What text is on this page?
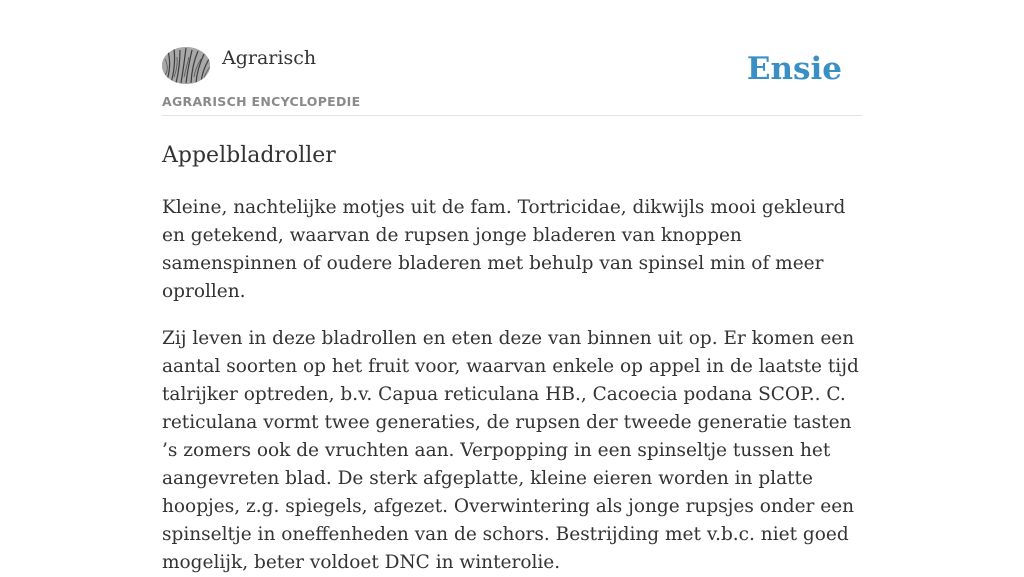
Agrarisch
AGRARISCH ENCYCLOPEDIE
Ensie
Appelbladroller

Kleine, nachtelijke motjes uit de fam. Tortricidae, dikwijls mooi gekleurd en getekend, waarvan de rupsen jonge bladeren van knoppen samenspinnen of oudere bladeren met behulp van spinsel min of meer oprollen.

Zij leven in deze bladrollen en eten deze van binnen uit op. Er komen een aantal soorten op het fruit voor, waarvan enkele op appel in de laatste tijd talrijker optreden, b.v. Capua reticulana HB., Cacoecia podana SCOP.. C. reticulana vormt twee generaties, de rupsen der tweede generatie tasten ’s zomers ook de vruchten aan. Verpopping in een spinseltje tussen het aangevreten blad. De sterk afgeplatte, kleine eieren worden in platte hoopjes, z.g. spiegels, afgezet. Overwintering als jonge rupsjes onder een spinseltje in oneffenheden van de schors. Bestrijding met v.b.c. niet goed mogelijk, beter voldoet DNC in winterolie.
